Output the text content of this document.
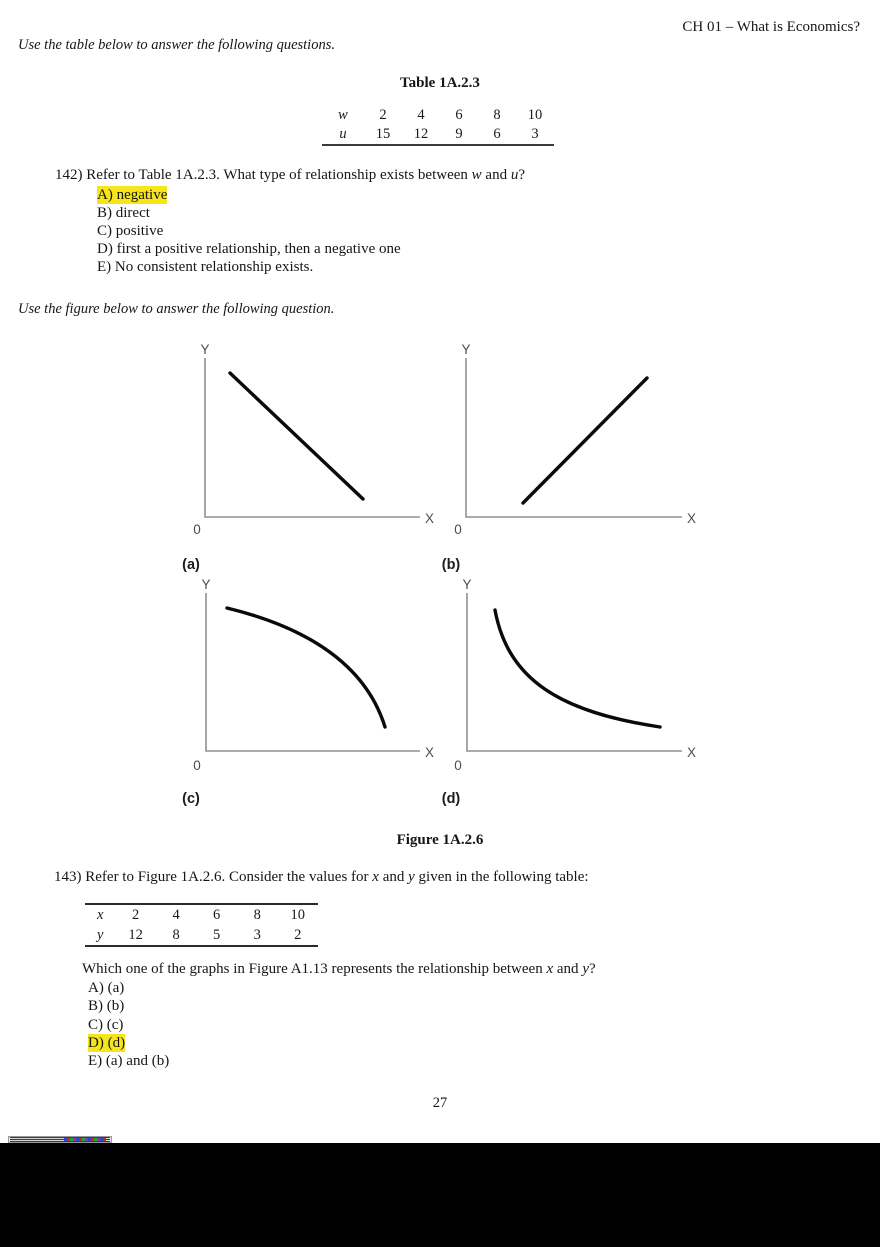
CH 01 – What is Economics?
Use the table below to answer the following questions.
Table 1A.2.3
w	2	4	6	8	10
u	15	12	9	6	3
142) Refer to Table 1A.2.3. What type of relationship exists between w and u?
A) negative
B) direct
C) positive
D) first a positive relationship, then a negative one
E) No consistent relationship exists.
Use the figure below to answer the following question.
Y
X
0
(a)
Y
X
0
(b)
Y
X
0
(c)
Y
X
0
(d)
Figure 1A.2.6
143) Refer to Figure 1A.2.6. Consider the values for x and y given in the following table:
x	2	4	6	8	10
y	12	8	5	3	2
Which one of the graphs in Figure A1.13 represents the relationship between x and y?
A) (a)
B) (b)
C) (c)
D) (d)
E) (a) and (b)
27
